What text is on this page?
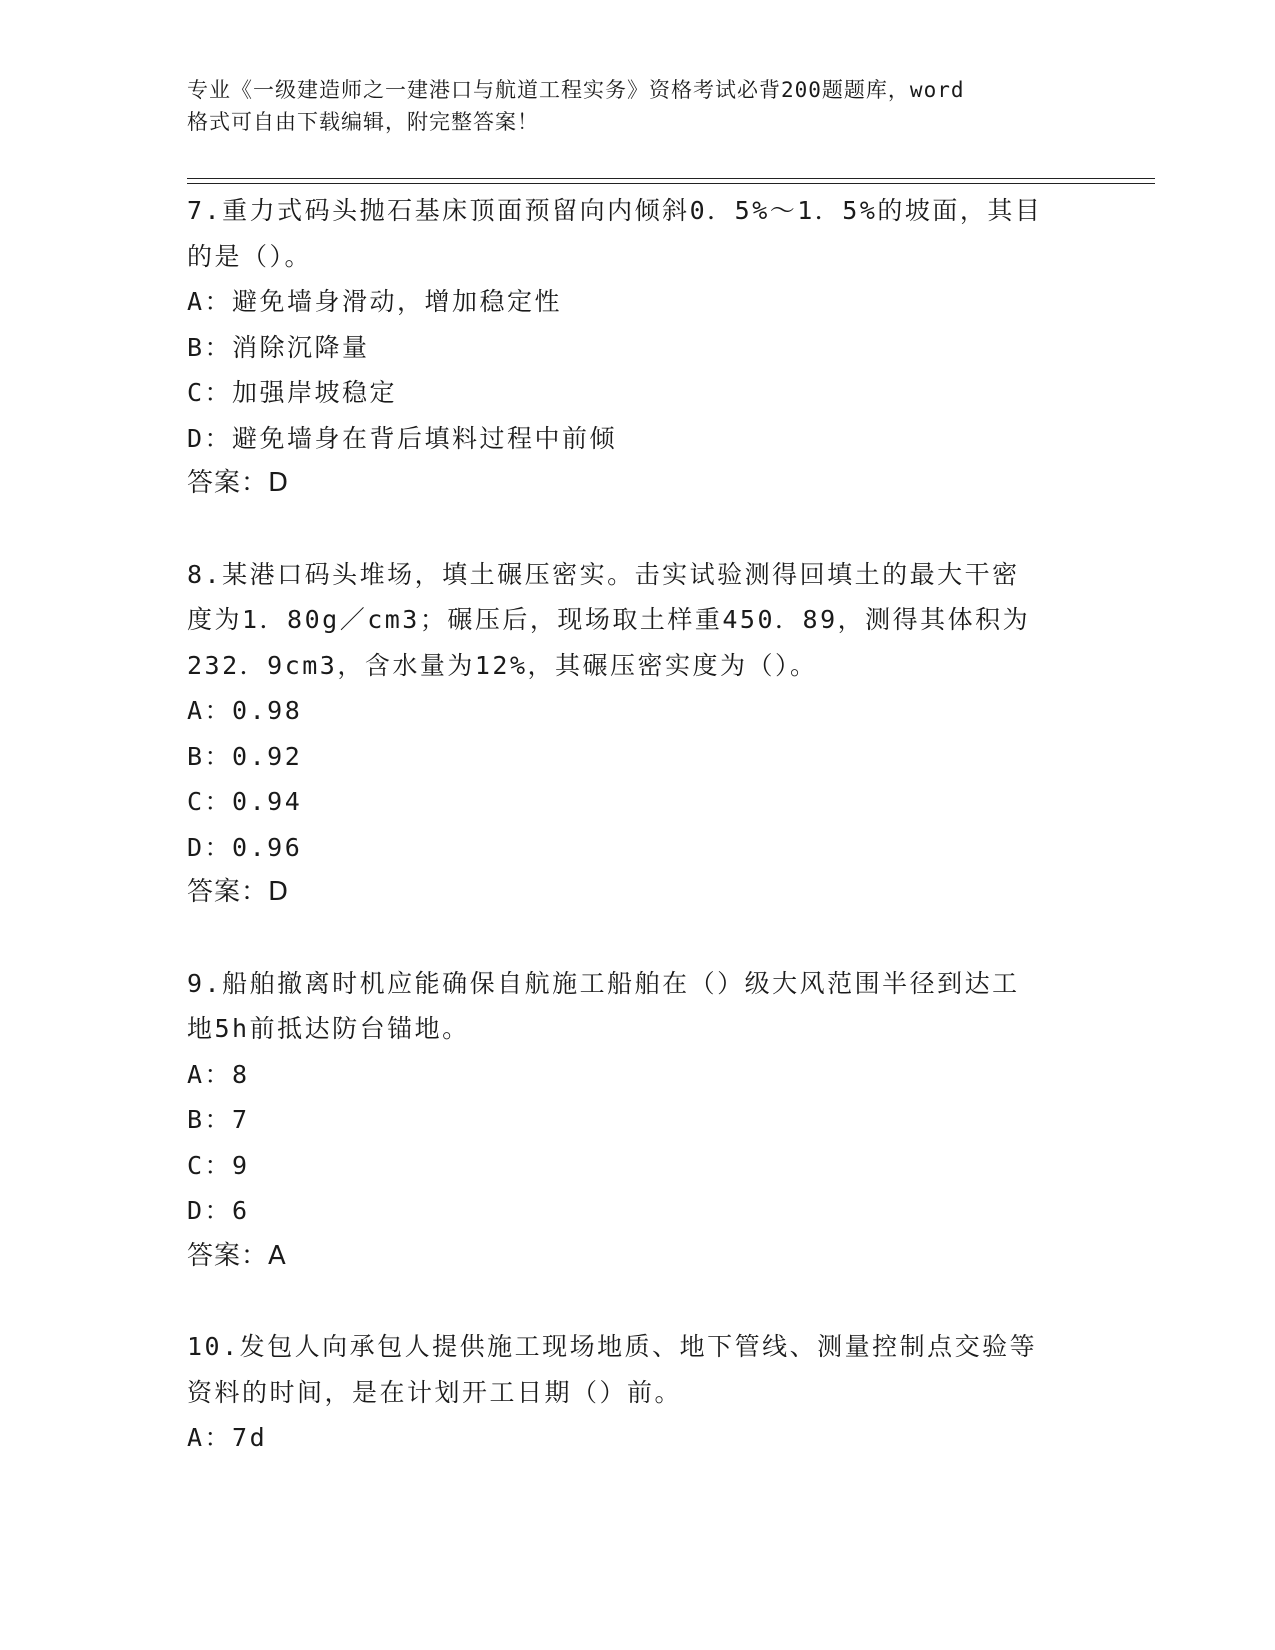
专业《一级建造师之一建港口与航道工程实务》资格考试必背200题题库，word
格式可自由下载编辑，附完整答案！
7.重力式码头抛石基床顶面预留向内倾斜0．5%～1．5%的坡面，其目
的是（）。
A：避免墙身滑动，增加稳定性
B：消除沉降量
C：加强岸坡稳定
D：避免墙身在背后填料过程中前倾
答案：D
8.某港口码头堆场，填土碾压密实。击实试验测得回填土的最大干密
度为1．80g／cm3；碾压后，现场取土样重450．89，测得其体积为
232．9cm3，含水量为12%，其碾压密实度为（）。
A：0.98
B：0.92
C：0.94
D：0.96
答案：D
9.船舶撤离时机应能确保自航施工船舶在（）级大风范围半径到达工
地5h前抵达防台锚地。
A：8
B：7
C：9
D：6
答案：A
10.发包人向承包人提供施工现场地质、地下管线、测量控制点交验等
资料的时间，是在计划开工日期（）前。
A：7d
